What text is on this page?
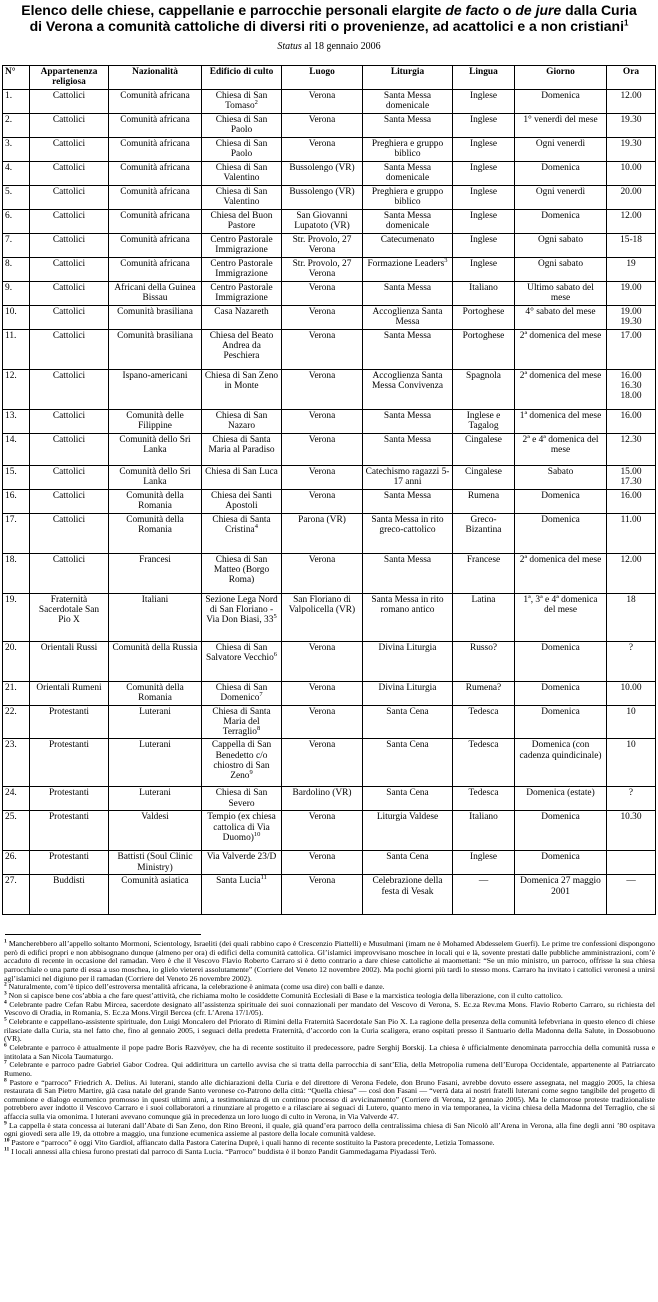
Elenco delle chiese, cappellanie e parrocchie personali elargite de facto o de jure dalla Curia
di Verona a comunità cattoliche di diversi riti o provenienze, ad acattolici e a non cristiani$^1$
Status al 18 gennaio 2006
N°	Appartenenza religiosa	Nazionalità	Edificio di culto	Luogo	Liturgia	Lingua	Giorno	Ora
1.	Cattolici	Comunità africana	Chiesa di San Tomaso$^2$	Verona	Santa Messa domenicale	Inglese	Domenica	12.00
2.	Cattolici	Comunità africana	Chiesa di San Paolo	Verona	Santa Messa	Inglese	1° venerdì del mese	19.30
3.	Cattolici	Comunità africana	Chiesa di San Paolo	Verona	Preghiera e gruppo biblico	Inglese	Ogni venerdì	19.30
4.	Cattolici	Comunità africana	Chiesa di San Valentino	Bussolengo (VR)	Santa Messa domenicale	Inglese	Domenica	10.00
5.	Cattolici	Comunità africana	Chiesa di San Valentino	Bussolengo (VR)	Preghiera e gruppo biblico	Inglese	Ogni venerdì	20.00
6.	Cattolici	Comunità africana	Chiesa del Buon Pastore	San Giovanni Lupatoto (VR)	Santa Messa domenicale	Inglese	Domenica	12.00
7.	Cattolici	Comunità africana	Centro Pastorale Immigrazione	Str. Provolo, 27 Verona	Catecumenato	Inglese	Ogni sabato	15-18
8.	Cattolici	Comunità africana	Centro Pastorale Immigrazione	Str. Provolo, 27 Verona	Formazione Leaders$^3$	Inglese	Ogni sabato	19
9.	Cattolici	Africani della Guinea Bissau	Centro Pastorale Immigrazione	Verona	Santa Messa	Italiano	Ultimo sabato del mese	19.00
10.	Cattolici	Comunità brasiliana	Casa Nazareth	Verona	Accoglienza Santa Messa	Portoghese	4° sabato del mese	19.00 19.30
11.	Cattolici	Comunità brasiliana	Chiesa del Beato Andrea da Peschiera	Verona	Santa Messa	Portoghese	2ª domenica del mese	17.00
12.	Cattolici	Ispano-americani	Chiesa di San Zeno in Monte	Verona	Accoglienza Santa Messa Convivenza	Spagnola	2ª domenica del mese	16.00 16.30 18.00
13.	Cattolici	Comunità delle Filippine	Chiesa di San Nazaro	Verona	Santa Messa	Inglese e Tagalog	1ª domenica del mese	16.00
14.	Cattolici	Comunità dello Sri Lanka	Chiesa di Santa Maria al Paradiso	Verona	Santa Messa	Cingalese	2ª e 4ª domenica del mese	12.30
15.	Cattolici	Comunità dello Sri Lanka	Chiesa di San Luca	Verona	Catechismo ragazzi 5-17 anni	Cingalese	Sabato	15.00 17.30
16.	Cattolici	Comunità della Romania	Chiesa dei Santi Apostoli	Verona	Santa Messa	Rumena	Domenica	16.00
17.	Cattolici	Comunità della Romania	Chiesa di Santa Cristina$^4$	Parona (VR)	Santa Messa in rito greco-cattolico	Greco-Bizantina	Domenica	11.00
18.	Cattolici	Francesi	Chiesa di San Matteo (Borgo Roma)	Verona	Santa Messa	Francese	2ª domenica del mese	12.00
19.	Fraternità Sacerdotale San Pio X	Italiani	Sezione Lega Nord di San Floriano - Via Don Biasi, $33^5$	San Floriano di Valpolicella (VR)	Santa Messa in rito romano antico	Latina	1ª, 3ª e 4ª domenica del mese	18
20.	Orientali Russi	Comunità della Russia	Chiesa di San Salvatore Vecchio$^6$	Verona	Divina Liturgia	Russo?	Domenica	?
21.	Orientali Rumeni	Comunità della Romania	Chiesa di San Domenico$^7$	Verona	Divina Liturgia	Rumena?	Domenica	10.00
22.	Protestanti	Luterani	Chiesa di Santa Maria del Terraglio$^8$	Verona	Santa Cena	Tedesca	Domenica	10
23.	Protestanti	Luterani	Cappella di San Benedetto c/o chiostro di San Zeno$^9$	Verona	Santa Cena	Tedesca	Domenica (con cadenza quindicinale)	10
24.	Protestanti	Luterani	Chiesa di San Severo	Bardolino (VR)	Santa Cena	Tedesca	Domenica (estate)	?
25.	Protestanti	Valdesi	Tempio (ex chiesa cattolica di Via Duomo)$^{10}$	Verona	Liturgia Valdese	Italiano	Domenica	10.30
26.	Protestanti	Battisti (Soul Clinic Ministry)	Via Valverde 23/D	Verona	Santa Cena	Inglese	Domenica	
27.	Buddisti	Comunità asiatica	Santa Lucia$^{11}$	Verona	Celebrazione della festa di Vesak	—	Domenica 27 maggio 2001	—

$^1$ Mancherebbero all’appello soltanto Mormoni, Scientology, Israeliti (dei quali rabbino capo è Crescenzio Piattelli) e Musulmani (imam ne è Mohamed Abdesselem Guerfi). Le prime tre confessioni dispongono però di edifici propri e non abbisognano dunque (almeno per ora) di edifici della comunità cattolica. Gl’islamici improvvisano moschee in locali qui e là, sovente prestati dalle pubbliche amministrazioni, com’è accaduto di recente in occasione del ramadan. Vero è che il Vescovo Flavio Roberto Carraro si è detto contrario a dare chiese cattoliche ai maomettani: “Se un mio ministro, un parroco, offrisse la sua chiesa parrocchiale o una parte di essa a uso moschea, io glielo vieterei assolutamente” (Corriere del Veneto 12 novembre 2002). Ma pochi giorni più tardi lo stesso mons. Carraro ha invitato i cattolici veronesi a unirsi agl’islamici nel digiuno per il ramadan (Corriere del Veneto 26 novembre 2002).

$^2$ Naturalmente, com’è tipico dell’estroversa mentalità africana, la celebrazione è animata (come usa dire) con balli e danze.

$^3$ Non si capisce bene cos’abbia a che fare quest’attività, che richiama molto le cosiddette Comunità Ecclesiali di Base e la marxistica teologia della liberazione, con il culto cattolico.

$^4$ Celebrante padre Cefan Rabu Mircea, sacerdote designato all’assistenza spirituale dei suoi connazionali per mandato del Vescovo di Verona, S. Ec.za Rev.ma Mons. Flavio Roberto Carraro, su richiesta del Vescovo di Oradia, in Romania, S. Ec.za Mons.Virgil Bercea (cfr. L’Arena 17/1/05).

$^5$ Celebrante e cappellano-assistente spirituale, don Luigi Moncalero del Priorato di Rimini della Fraternità Sacerdotale San Pio X. La ragione della presenza della comunità lefebvriana in questo elenco di chiese rilasciate dalla Curia, sta nel fatto che, fino al gennaio 2005, i seguaci della predetta Fraternità, d’accordo con la Curia scaligera, erano ospitati presso il Santuario della Madonna della Salute, in Dossobuono (VR).

$^6$ Celebrante e parroco è attualmente il pope padre Boris Razvéyev, che ha di recente sostituito il predecessore, padre Serghij Borskij. La chiesa è ufficialmente denominata parrocchia della comunità russa e intitolata a San Nicola Taumaturgo.

$^7$ Celebrante e parroco padre Gabriel Gabor Codrea. Qui addirittura un cartello avvisa che si tratta della parrocchia di sant’Elia, della Metropolia rumena dell’Europa Occidentale, appartenente al Patriarcato Rumeno.

$^8$ Pastore e “parroco” Friedrich A. Delius. Ai luterani, stando alle dichiarazioni della Curia e del direttore di Verona Fedele, don Bruno Fasani, avrebbe dovuto essere assegnata, nel maggio 2005, la chiesa restaurata di San Pietro Martire, già casa natale del grande Santo veronese co-Patrono della città: “Quella chiesa” — così don Fasani — “verrà data ai nostri fratelli luterani come segno tangibile del progetto di comunione e dialogo ecumenico promosso in questi ultimi anni, a testimonianza di un continuo processo di avvicinamento” (Corriere di Verona, 12 gennaio 2005). Ma le clamorose proteste tradizionaliste potrebbero aver indotto il Vescovo Carraro e i suoi collaboratori a rinunziare al progetto e a rilasciare ai seguaci di Lutero, quanto meno in via temporanea, la vicina chiesa della Madonna del Terraglio, che si affaccia sulla via omonima. I luterani avevano comunque già in precedenza un loro luogo di culto in Verona, in Via Valverde 47.

$^9$ La cappella è stata concessa ai luterani dall’Abate di San Zeno, don Rino Breoni, il quale, già quand’era parroco della centralissima chiesa di San Nicolò all’Arena in Verona, alla fine degli anni ’80 ospitava ogni giovedì sera alle 19, da ottobre a maggio, una funzione ecumenica assieme al pastore della locale comunità valdese.

$^{10}$ Pastore e “parroco” è oggi Vito Gardiol, affiancato dalla Pastora Caterina Duprè, i quali hanno di recente sostituito la Pastora precedente, Letizia Tomassone.

$^{11}$ I locali annessi alla chiesa furono prestati dal parroco di Santa Lucia. “Parroco” buddista è il bonzo Pandit Gammedagama Piyadassi Terò.
